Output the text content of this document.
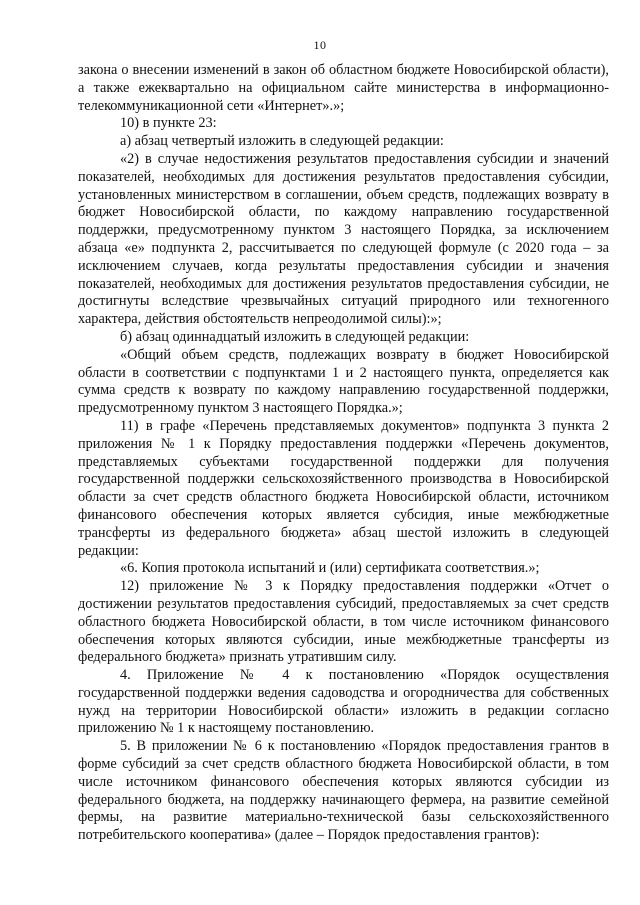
10

закона о внесении изменений в закон об областном бюджете Новосибирской области), а также ежеквартально на официальном сайте министерства в информационно-телекоммуникационной сети «Интернет».»;

10) в пункте 23:

а) абзац четвертый изложить в следующей редакции:

«2) в случае недостижения результатов предоставления субсидии и значений показателей, необходимых для достижения результатов предоставления субсидии, установленных министерством в соглашении, объем средств, подлежащих возврату в бюджет Новосибирской области, по каждому направлению государственной поддержки, предусмотренному пунктом 3 настоящего Порядка, за исключением абзаца «е» подпункта 2, рассчитывается по следующей формуле (с 2020 года – за исключением случаев, когда результаты предоставления субсидии и значения показателей, необходимых для достижения результатов предоставления субсидии, не достигнуты вследствие чрезвычайных ситуаций природного или техногенного характера, действия обстоятельств непреодолимой силы):»;

б) абзац одиннадцатый изложить в следующей редакции:

«Общий объем средств, подлежащих возврату в бюджет Новосибирской области в соответствии с подпунктами 1 и 2 настоящего пункта, определяется как сумма средств к возврату по каждому направлению государственной поддержки, предусмотренному пунктом 3 настоящего Порядка.»;

11) в графе «Перечень представляемых документов» подпункта 3 пункта 2 приложения № 1 к Порядку предоставления поддержки «Перечень документов, представляемых субъектами государственной поддержки для получения государственной поддержки сельскохозяйственного производства в Новосибирской области за счет средств областного бюджета Новосибирской области, источником финансового обеспечения которых является субсидия, иные межбюджетные трансферты из федерального бюджета» абзац шестой изложить в следующей редакции:

«6. Копия протокола испытаний и (или) сертификата соответствия.»;

12) приложение № 3 к Порядку предоставления поддержки «Отчет о достижении результатов предоставления субсидий, предоставляемых за счет средств областного бюджета Новосибирской области, в том числе источником финансового обеспечения которых являются субсидии, иные межбюджетные трансферты из федерального бюджета» признать утратившим силу.

4. Приложение № 4 к постановлению «Порядок осуществления государственной поддержки ведения садоводства и огородничества для собственных нужд на территории Новосибирской области» изложить в редакции согласно приложению № 1 к настоящему постановлению.

5. В приложении № 6 к постановлению «Порядок предоставления грантов в форме субсидий за счет средств областного бюджета Новосибирской области, в том числе источником финансового обеспечения которых являются субсидии из федерального бюджета, на поддержку начинающего фермера, на развитие семейной фермы, на развитие материально-технической базы сельскохозяйственного потребительского кооператива» (далее – Порядок предоставления грантов):
